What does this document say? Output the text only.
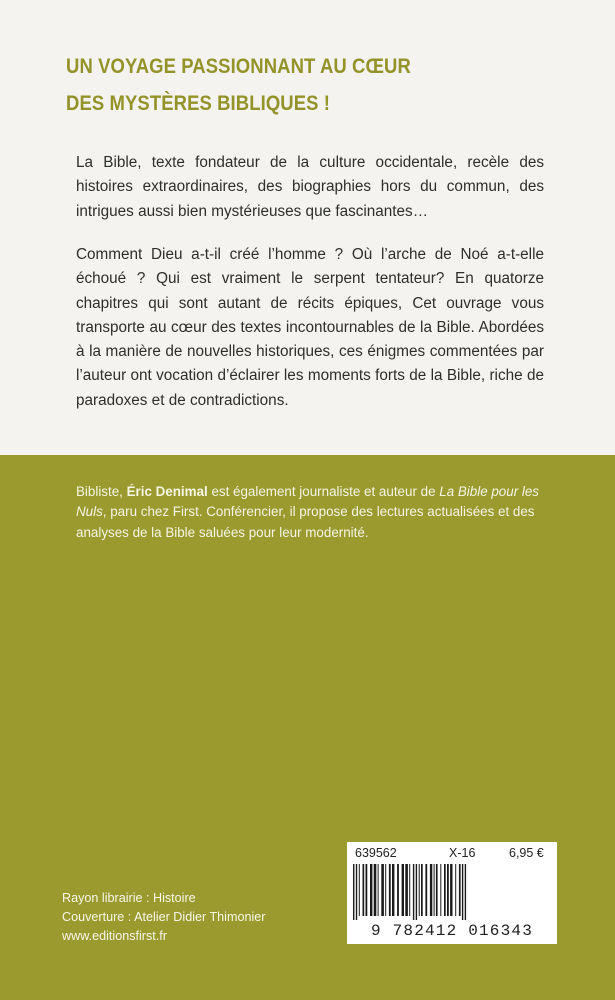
UN VOYAGE PASSIONNANT AU CŒUR
DES MYSTÈRES BIBLIQUES !

La Bible, texte fondateur de la culture occidentale, recèle des histoires extraordinaires, des biographies hors du commun, des intrigues aussi bien mystérieuses que fascinantes…

Comment Dieu a-t-il créé l’homme ? Où l’arche de Noé a-t-elle échoué ? Qui est vraiment le serpent tentateur? En quatorze chapitres qui sont autant de récits épiques, Cet ouvrage vous transporte au cœur des textes incontournables de la Bible. Abordées à la manière de nouvelles historiques, ces énigmes commentées par l’auteur ont vocation d’éclairer les moments forts de la Bible, riche de paradoxes et de contradictions.

Bibliste, Éric Denimal est également journaliste et auteur de La Bible pour les Nuls, paru chez First. Conférencier, il propose des lectures actualisées et des analyses de la Bible saluées pour leur modernité.

Rayon librairie : Histoire
Couverture : Atelier Didier Thimonier
www.editionsfirst.fr
639562	X-16	6,95 €
9 782412 016343
